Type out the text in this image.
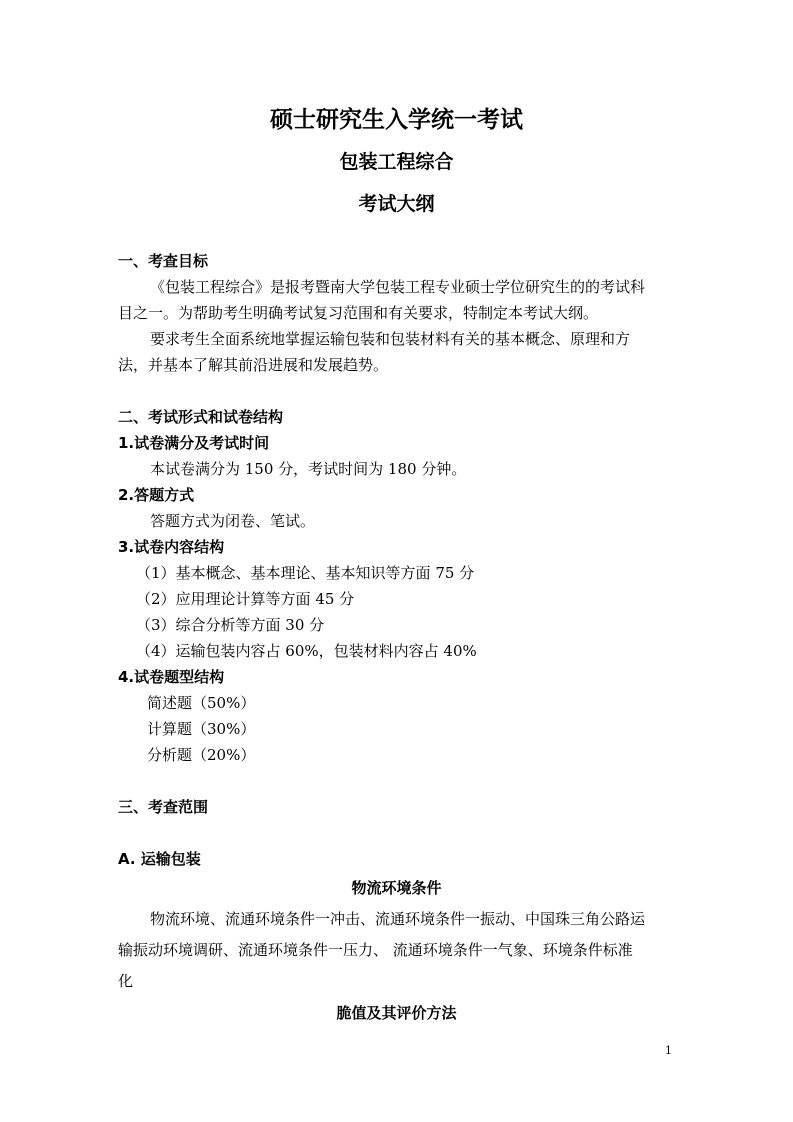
硕士研究生入学统一考试
包装工程综合
考试大纲
一、考查目标
《包装工程综合》是报考暨南大学包装工程专业硕士学位研究生的的考试科
目之一。为帮助考生明确考试复习范围和有关要求，特制定本考试大纲。
要求考生全面系统地掌握运输包装和包装材料有关的基本概念、原理和方
法，并基本了解其前沿进展和发展趋势。
二、考试形式和试卷结构
1.试卷满分及考试时间
本试卷满分为 150 分，考试时间为 180 分钟。
2.答题方式
答题方式为闭卷、笔试。
3.试卷内容结构
（1）基本概念、基本理论、基本知识等方面 75 分
（2）应用理论计算等方面 45 分
（3）综合分析等方面 30 分
（4）运输包装内容占 60%，包装材料内容占 40%
4.试卷题型结构
简述题（50%）
计算题（30%）
分析题（20%）
三、考查范围
A. 运输包装
物流环境条件
物流环境、流通环境条件一冲击、流通环境条件一振动、中国珠三角公路运
输振动环境调研、流通环境条件一压力、 流通环境条件一气象、环境条件标准
化
脆值及其评价方法
1
